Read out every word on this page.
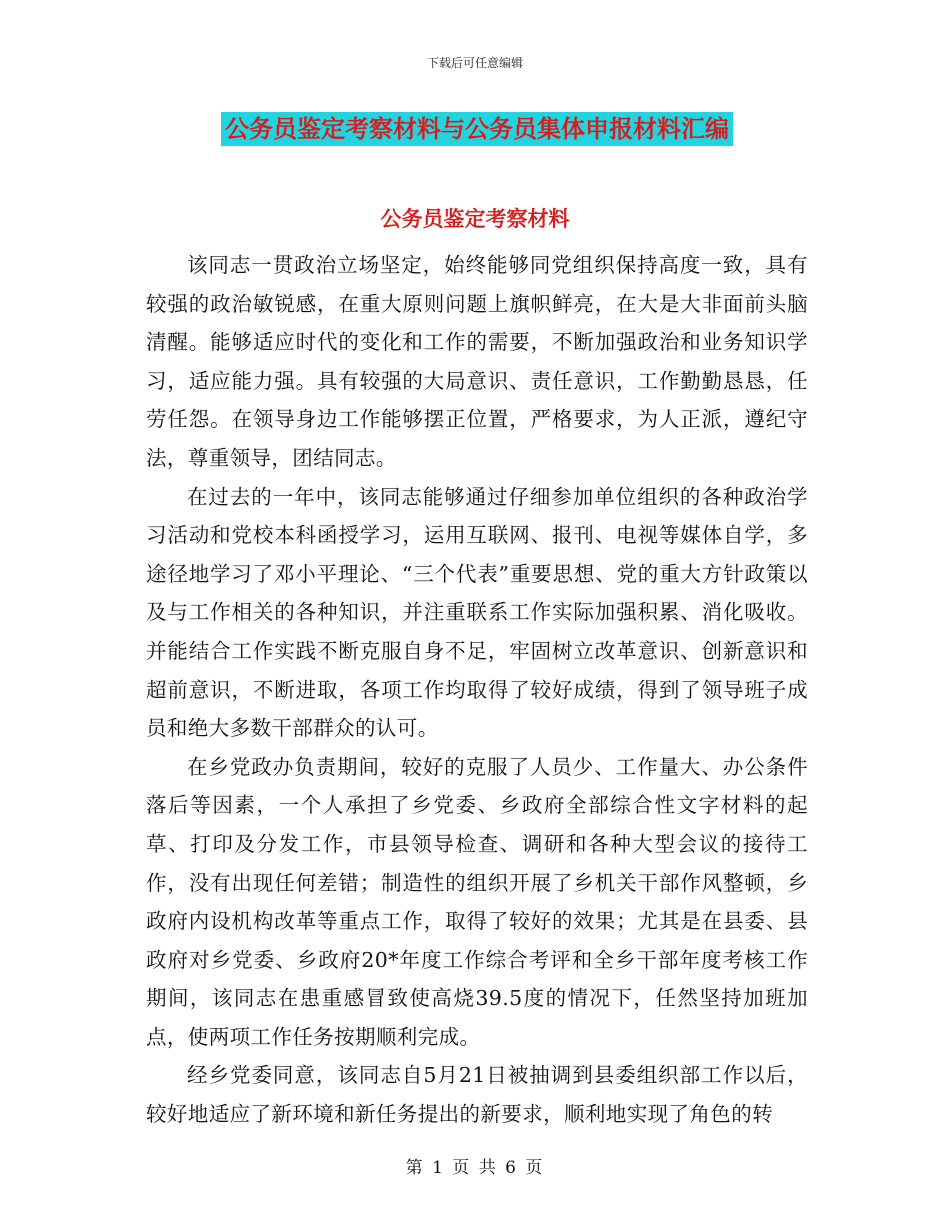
下载后可任意编辑
公务员鉴定考察材料与公务员集体申报材料汇编
公务员鉴定考察材料

该同志一贯政治立场坚定，始终能够同党组织保持高度一致，具有较强的政治敏锐感，在重大原则问题上旗帜鲜亮，在大是大非面前头脑清醒。能够适应时代的变化和工作的需要，不断加强政治和业务知识学习，适应能力强。具有较强的大局意识、责任意识，工作勤勤恳恳，任劳任怨。在领导身边工作能够摆正位置，严格要求，为人正派，遵纪守法，尊重领导，团结同志。

在过去的一年中，该同志能够通过仔细参加单位组织的各种政治学习活动和党校本科函授学习，运用互联网、报刊、电视等媒体自学，多途径地学习了邓小平理论、“三个代表”重要思想、党的重大方针政策以及与工作相关的各种知识，并注重联系工作实际加强积累、消化吸收。并能结合工作实践不断克服自身不足，牢固树立改革意识、创新意识和超前意识，不断进取，各项工作均取得了较好成绩，得到了领导班子成员和绝大多数干部群众的认可。

在乡党政办负责期间，较好的克服了人员少、工作量大、办公条件落后等因素，一个人承担了乡党委、乡政府全部综合性文字材料的起草、打印及分发工作，市县领导检查、调研和各种大型会议的接待工作，没有出现任何差错；制造性的组织开展了乡机关干部作风整顿，乡政府内设机构改革等重点工作，取得了较好的效果；尤其是在县委、县政府对乡党委、乡政府20*年度工作综合考评和全乡干部年度考核工作期间，该同志在患重感冒致使高烧39.5度的情况下，任然坚持加班加点，使两项工作任务按期顺利完成。

经乡党委同意，该同志自5月21日被抽调到县委组织部工作以后，较好地适应了新环境和新任务提出的新要求，顺利地实现了角色的转

第 1 页 共 6 页
